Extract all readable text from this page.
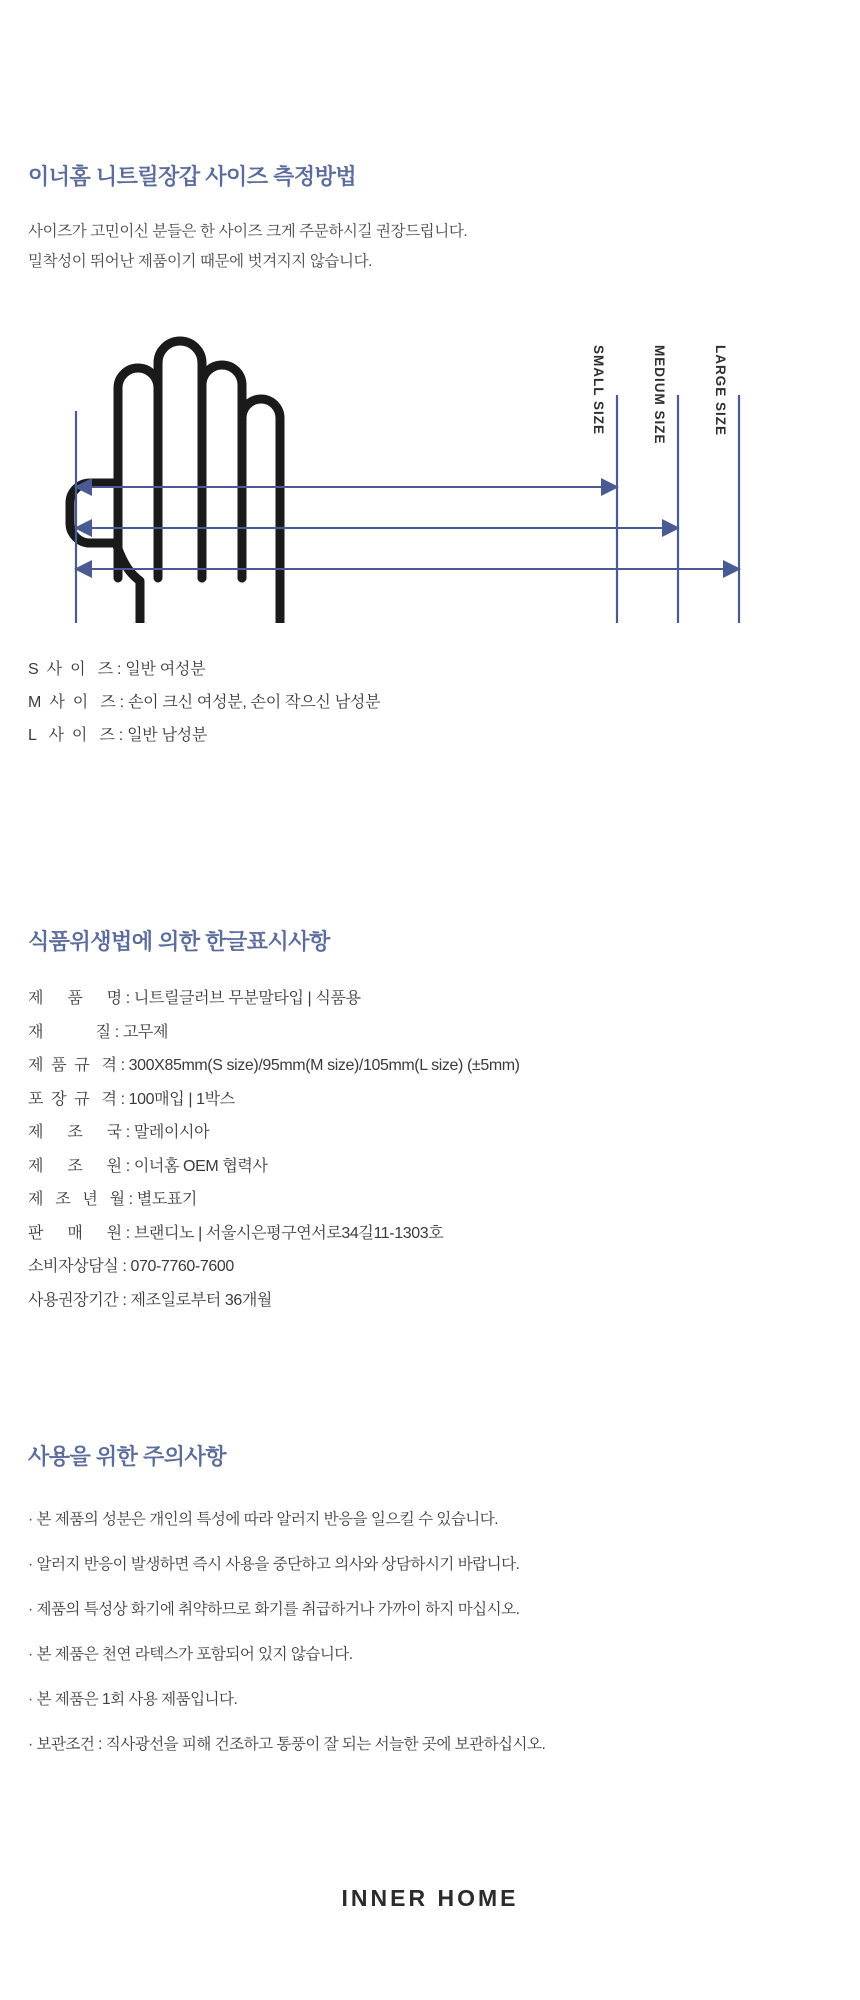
이너홈 니트릴장갑 사이즈 측정방법

사이즈가 고민이신 분들은 한 사이즈 크게 주문하시길 권장드립니다.
밀착성이 뛰어난 제품이기 때문에 벗겨지지 않습니다.

SMALL SIZE	MEDIUM SIZE	LARGE SIZE
S  사  이   즈 : 일반 여성분
M  사  이   즈 : 손이 크신 여성분, 손이 작으신 남성분
L   사  이   즈 : 일반 남성분
식품위생법에 의한 한글표시사항
제      품      명 : 니트릴글러브 무분말타입 | 식품용
재             질 : 고무제
제  품  규   격 : 300X85mm(S size)/95mm(M size)/105mm(L size) (±5mm)
포  장  규   격 : 100매입 | 1박스
제      조      국 : 말레이시아
제      조      원 : 이너홈 OEM 협력사
제   조   년   월 : 별도표기
판      매      원 : 브랜디노 | 서울시은평구연서로34길11-1303호
소비자상담실 : 070-7760-7600
사용권장기간 : 제조일로부터 36개월
사용을 위한 주의사항
· 본 제품의 성분은 개인의 특성에 따라 알러지 반응을 일으킬 수 있습니다.
· 알러지 반응이 발생하면 즉시 사용을 중단하고 의사와 상담하시기 바랍니다.
· 제품의 특성상 화기에 취약하므로 화기를 취급하거나 가까이 하지 마십시오.
· 본 제품은 천연 라텍스가 포함되어 있지 않습니다.
· 본 제품은 1회 사용 제품입니다.
· 보관조건 : 직사광선을 피해 건조하고 통풍이 잘 되는 서늘한 곳에 보관하십시오.
INNER HOME
